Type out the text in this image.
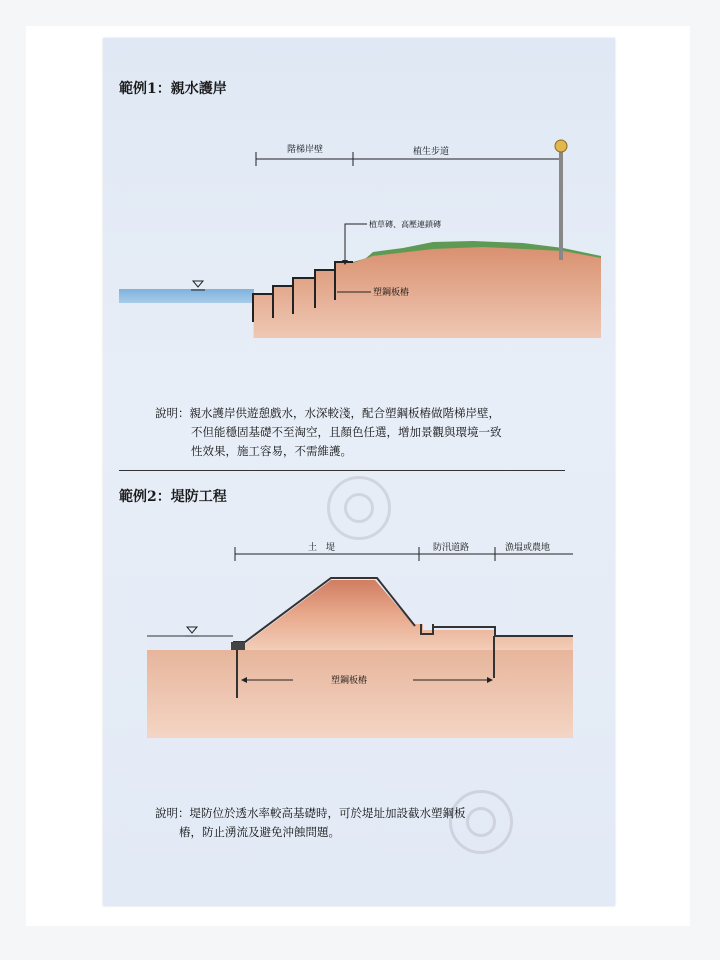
範例1：親水護岸
階梯岸壁	植生步道
植草磚、高壓連鎖磚
塑鋼板樁
土　堤	防汛道路	漁塭或農地
塑鋼板樁
說明：親水護岸供遊憩戲水，水深較淺，配合塑鋼板樁做階梯岸壁，
不但能穩固基礎不至淘空，且顏色任選，增加景觀與環境一致
性效果，施工容易，不需維護。
範例2：堤防工程
說明：堤防位於透水率較高基礎時，可於堤址加設截水塑鋼板
樁，防止湧流及避免沖蝕問題。
